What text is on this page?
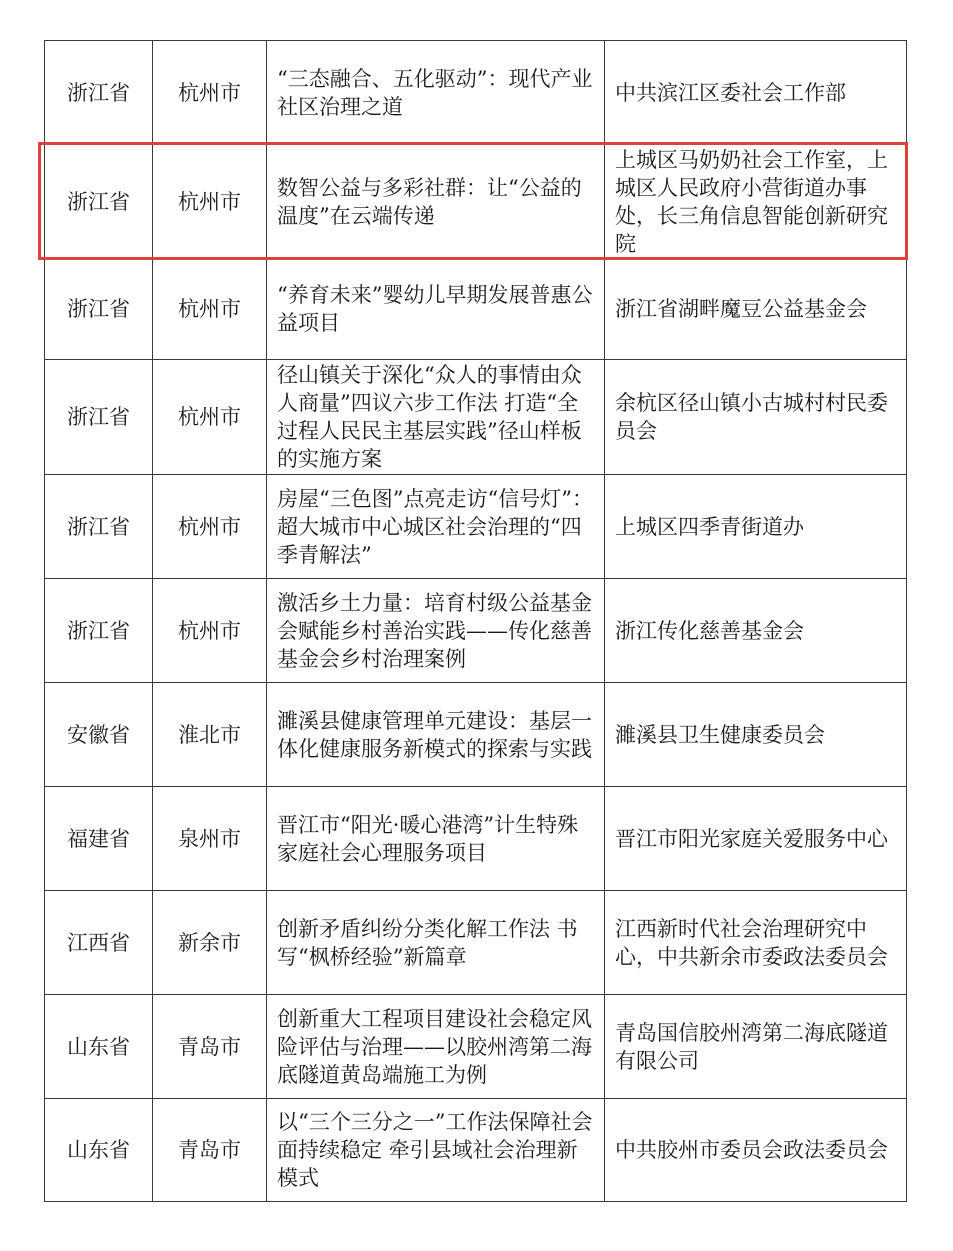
浙江省	杭州市	“三态融合、五化驱动”：现代产业社区治理之道	中共滨江区委社会工作部
浙江省	杭州市	数智公益与多彩社群：让“公益的温度”在云端传递	上城区马奶奶社会工作室，上城区人民政府小营街道办事处，长三角信息智能创新研究院
浙江省	杭州市	“养育未来”婴幼儿早期发展普惠公益项目	浙江省湖畔魔豆公益基金会
浙江省	杭州市	径山镇关于深化“众人的事情由众人商量”四议六步工作法 打造“全过程人民民主基层实践”径山样板的实施方案	余杭区径山镇小古城村村民委员会
浙江省	杭州市	房屋“三色图”点亮走访“信号灯”：超大城市中心城区社会治理的“四季青解法”	上城区四季青街道办
浙江省	杭州市	激活乡土力量：培育村级公益基金会赋能乡村善治实践——传化慈善基金会乡村治理案例	浙江传化慈善基金会
安徽省	淮北市	濉溪县健康管理单元建设：基层一体化健康服务新模式的探索与实践	濉溪县卫生健康委员会
福建省	泉州市	晋江市“阳光·暖心港湾”计生特殊家庭社会心理服务项目	晋江市阳光家庭关爱服务中心
江西省	新余市	创新矛盾纠纷分类化解工作法 书写“枫桥经验”新篇章	江西新时代社会治理研究中心，中共新余市委政法委员会
山东省	青岛市	创新重大工程项目建设社会稳定风险评估与治理——以胶州湾第二海底隧道黄岛端施工为例	青岛国信胶州湾第二海底隧道有限公司
山东省	青岛市	以“三个三分之一”工作法保障社会面持续稳定 牵引县域社会治理新模式	中共胶州市委员会政法委员会
